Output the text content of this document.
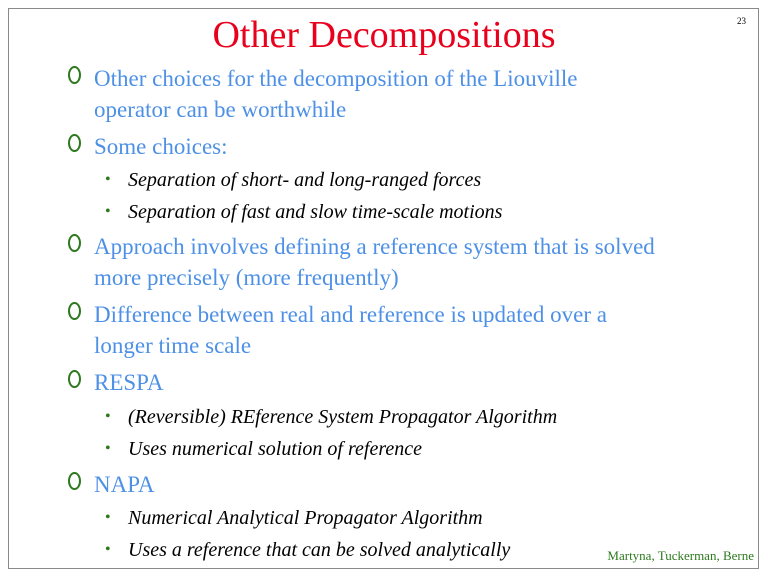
Other Decompositions	23
Other choices for the decomposition of the Liouville
operator can be worthwhile
Some choices:
• Separation of short- and long-ranged forces
• Separation of fast and slow time-scale motions
Approach involves defining a reference system that is solved
more precisely (more frequently)
Difference between real and reference is updated over a
longer time scale
RESPA
• (Reversible) REference System Propagator Algorithm
• Uses numerical solution of reference
NAPA
• Numerical Analytical Propagator Algorithm
• Uses a reference that can be solved analytically	Martyna, Tuckerman, Berne
